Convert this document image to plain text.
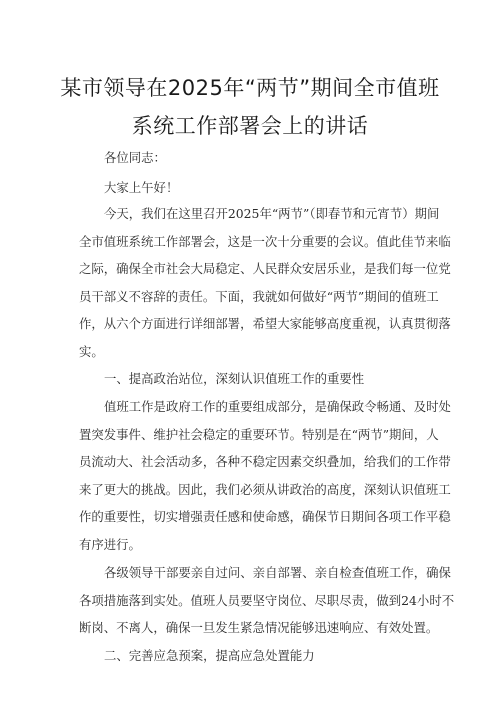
某市领导在2025年“两节”期间全市值班
系统工作部署会上的讲话
各位同志：
大家上午好！
今天，我们在这里召开2025年“两节”（即春节和元宵节）期间
全市值班系统工作部署会，这是一次十分重要的会议。值此佳节来临
之际，确保全市社会大局稳定、人民群众安居乐业，是我们每一位党
员干部义不容辞的责任。下面，我就如何做好“两节”期间的值班工
作，从六个方面进行详细部署，希望大家能够高度重视，认真贯彻落
实。
一、提高政治站位，深刻认识值班工作的重要性
值班工作是政府工作的重要组成部分，是确保政令畅通、及时处
置突发事件、维护社会稳定的重要环节。特别是在“两节”期间，人
员流动大、社会活动多，各种不稳定因素交织叠加，给我们的工作带
来了更大的挑战。因此，我们必须从讲政治的高度，深刻认识值班工
作的重要性，切实增强责任感和使命感，确保节日期间各项工作平稳
有序进行。
各级领导干部要亲自过问、亲自部署、亲自检查值班工作，确保
各项措施落到实处。值班人员要坚守岗位、尽职尽责，做到24小时不
断岗、不离人，确保一旦发生紧急情况能够迅速响应、有效处置。
二、完善应急预案，提高应急处置能力
